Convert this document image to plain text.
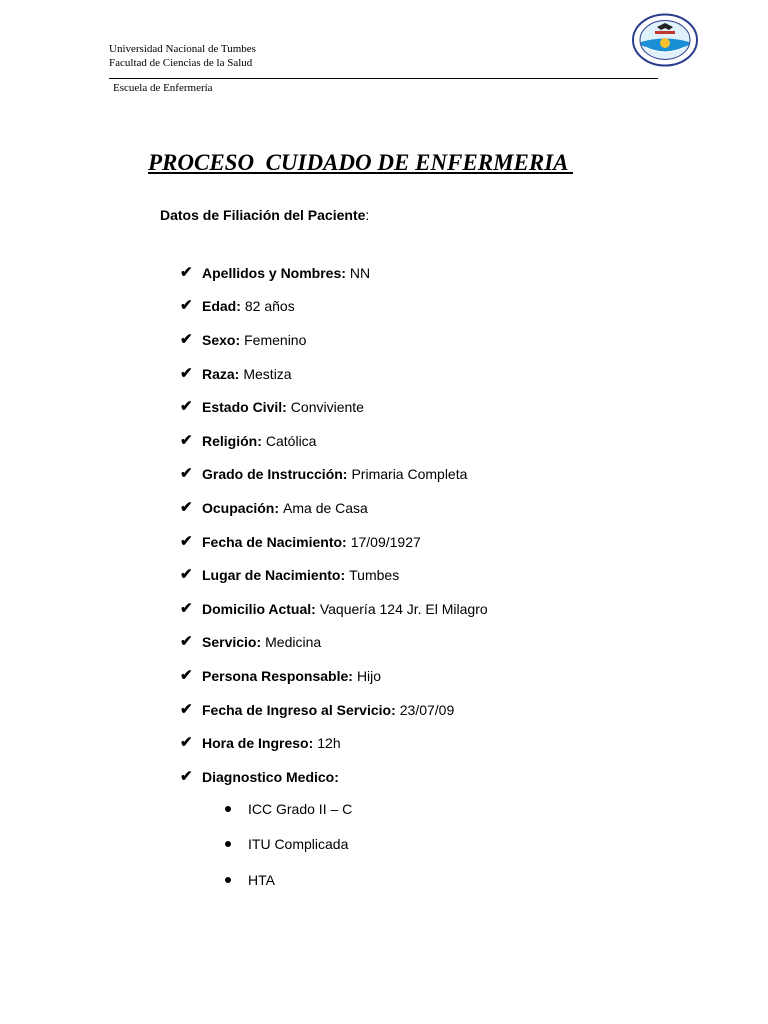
Universidad Nacional de Tumbes
Facultad de Ciencias de la Salud
Escuela de Enfermería
PROCESO  CUIDADO DE ENFERMERIA
Datos de Filiación del Paciente:
✔ Apellidos y Nombres: NN
✔ Edad: 82 años
✔ Sexo: Femenino
✔ Raza: Mestiza
✔ Estado Civil: Conviviente
✔ Religión: Católica
✔ Grado de Instrucción: Primaria Completa
✔ Ocupación: Ama de Casa
✔ Fecha de Nacimiento: 17/09/1927
✔ Lugar de Nacimiento: Tumbes
✔ Domicilio Actual: Vaquería 124 Jr. El Milagro
✔ Servicio: Medicina
✔ Persona Responsable: Hijo
✔ Fecha de Ingreso al Servicio: 23/07/09
✔ Hora de Ingreso: 12h
✔ Diagnostico Medico:
ICC Grado II – C
ITU Complicada
HTA
